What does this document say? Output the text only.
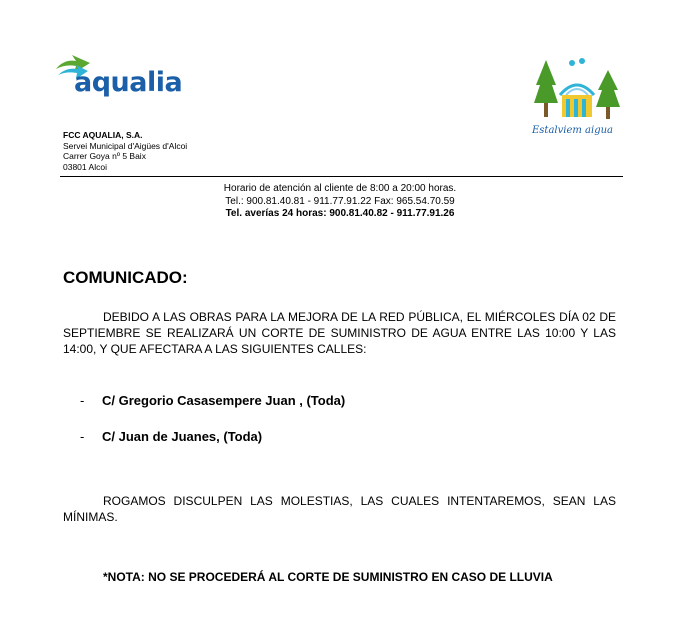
aqualia
FCC AQUALIA, S.A.
Servei Municipal d'Aigües d'Alcoi
Carrer Goya nº 5 Baix
03801 Alcoi
Estalviem aigua
Horario de atención al cliente de 8:00 a 20:00 horas.
Tel.: 900.81.40.81 - 911.77.91.22 Fax: 965.54.70.59
Tel. averías 24 horas: 900.81.40.82 - 911.77.91.26
COMUNICADO:
DEBIDO A LAS OBRAS PARA LA MEJORA DE LA RED PÚBLICA, EL MIÉRCOLES DÍA 02 DE SEPTIEMBRE SE REALIZARÁ UN CORTE DE SUMINISTRO DE AGUA ENTRE LAS 10:00 Y LAS 14:00, Y QUE AFECTARA A LAS SIGUIENTES CALLES:
- C/ Gregorio Casasempere Juan , (Toda)
- C/ Juan de Juanes, (Toda)
ROGAMOS DISCULPEN LAS MOLESTIAS, LAS CUALES INTENTAREMOS, SEAN LAS MÍNIMAS.
*NOTA: NO SE PROCEDERÁ AL CORTE DE SUMINISTRO EN CASO DE LLUVIA
